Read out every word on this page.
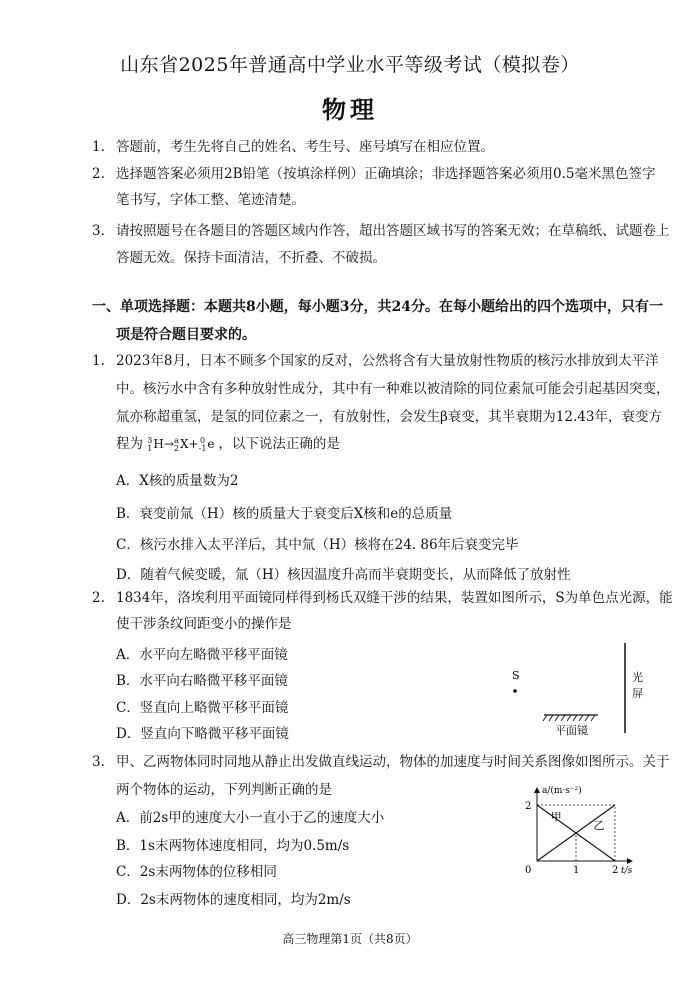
山东省2025年普通高中学业水平等级考试（模拟卷）
物理
1. 答题前，考生先将自己的姓名、考生号、座号填写在相应位置。
2. 选择题答案必须用2B铅笔（按填涂样例）正确填涂；非选择题答案必须用0.5毫米黑色签字
笔书写，字体工整、笔迹清楚。
3. 请按照题号在各题目的答题区域内作答，超出答题区域书写的答案无效；在草稿纸、试题卷上
答题无效。保持卡面清洁，不折叠、不破损。
一、单项选择题：本题共8小题，每小题3分，共24分。在每小题给出的四个选项中，只有一
项是符合题目要求的。
1. 2023年8月，日本不顾多个国家的反对，公然将含有大量放射性物质的核污水排放到太平洋
中。核污水中含有多种放射性成分，其中有一种难以被清除的同位素氚可能会引起基因突变，
氚亦称超重氢，是氢的同位素之一，有放射性，会发生β衰变，其半衰期为12.43年，衰变方
程为 3
1 H→ a
2 X+ 0
-1 e ，以下说法正确的是
A．X核的质量数为2
B．衰变前氚（H）核的质量大于衰变后X核和e的总质量
C．核污水排入太平洋后，其中氚（H）核将在24. 86年后衰变完毕
D．随着气候变暖，氚（H）核因温度升高而半衰期变长，从而降低了放射性
2. 1834年，洛埃利用平面镜同样得到杨氏双缝干涉的结果，装置如图所示，S为单色点光源，能
使干涉条纹间距变小的操作是
A．水平向左略微平移平面镜
B．水平向右略微平移平面镜
C．竖直向上略微平移平面镜
D．竖直向下略微平移平面镜
光
屏
S
平面镜
3. 甲、乙两物体同时同地从静止出发做直线运动，物体的加速度与时间关系图像如图所示。关于
两个物体的运动，下列判断正确的是
A．前2s甲的速度大小一直小于乙的速度大小
B．1s末两物体速度相同，均为0.5m/s
C．2s末两物体的位移相同
D．2s末两物体的速度相同，均为2m/s
甲
乙
a/(m·s⁻²)
t/s
2
0	1	2
高三物理第1页（共8页）
